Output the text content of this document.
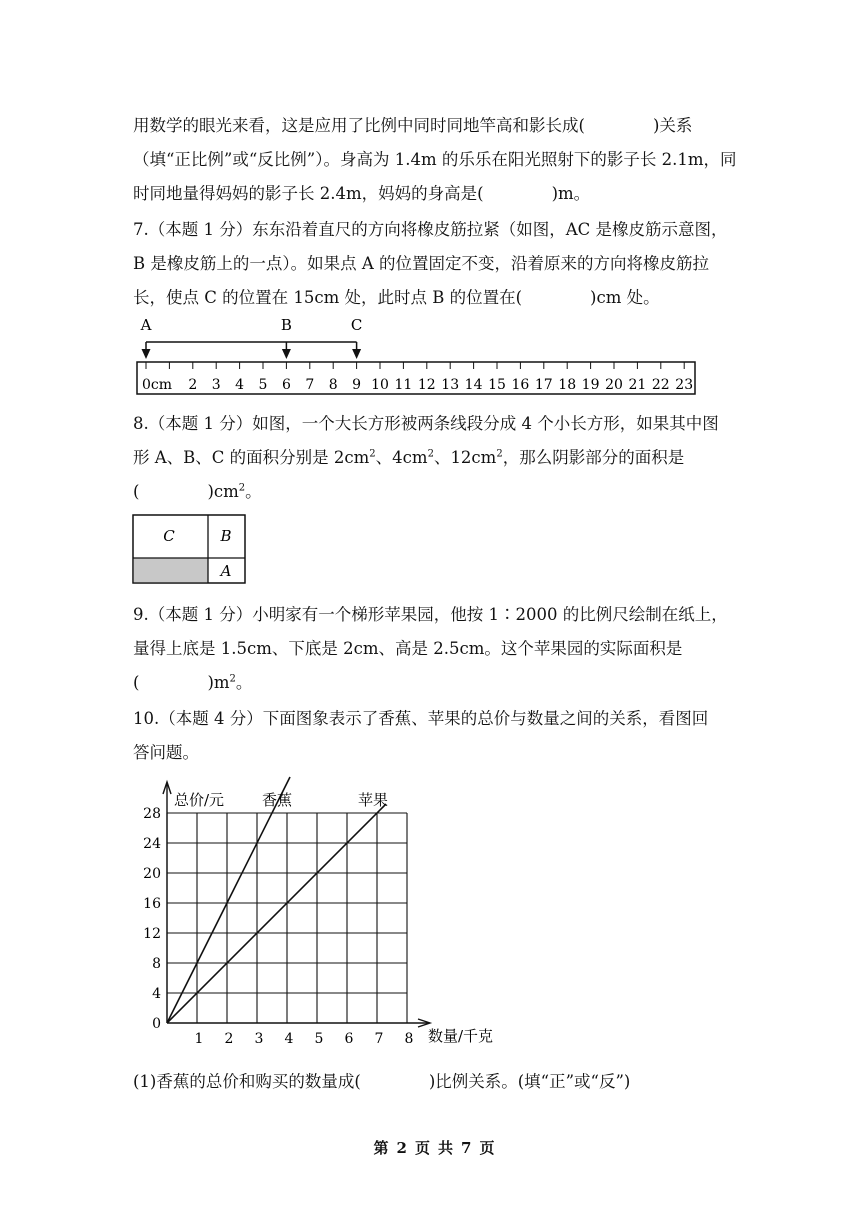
用数学的眼光来看，这是应用了比例中同时同地竿高和影长成(	)关系
（填“正比例”或“反比例”）。身高为 1.4m 的乐乐在阳光照射下的影子长 2.1m，同
时同地量得妈妈的影子长 2.4m，妈妈的身高是(	)m。
7.（本题 1 分）东东沿着直尺的方向将橡皮筋拉紧（如图，AC 是橡皮筋示意图，
B 是橡皮筋上的一点）。如果点 A 的位置固定不变，沿着原来的方向将橡皮筋拉
长，使点 C 的位置在 15cm 处，此时点 B 的位置在(	)cm 处。
0cm 2 3 4 5 6 7 8 9 10 11 12 13 14 15 16 17 18 19 20 21 22 23
A	B	C
8.（本题 1 分）如图，一个大长方形被两条线段分成 4 个小长方形，如果其中图
形 A、B、C 的面积分别是 $2cm^2$、$4cm^2$、$12cm^2$，那么阴影部分的面积是
(	)$cm^2$。
C	B
A
9.（本题 1 分）小明家有一个梯形苹果园，他按 1∶2000 的比例尺绘制在纸上，
量得上底是 1.5cm、下底是 2cm、高是 2.5cm。这个苹果园的实际面积是
(	)$m^2$。
10.（本题 4 分）下面图象表示了香蕉、苹果的总价与数量之间的关系，看图回
答问题。
0
4
8
12
16
20
24
28
1 2 3 4 5 6 7 8
总价/元
数量/千克
香蕉	苹果
(1)香蕉的总价和购买的数量成(	)比例关系。(填“正”或“反”)
第 2 页 共 7 页
